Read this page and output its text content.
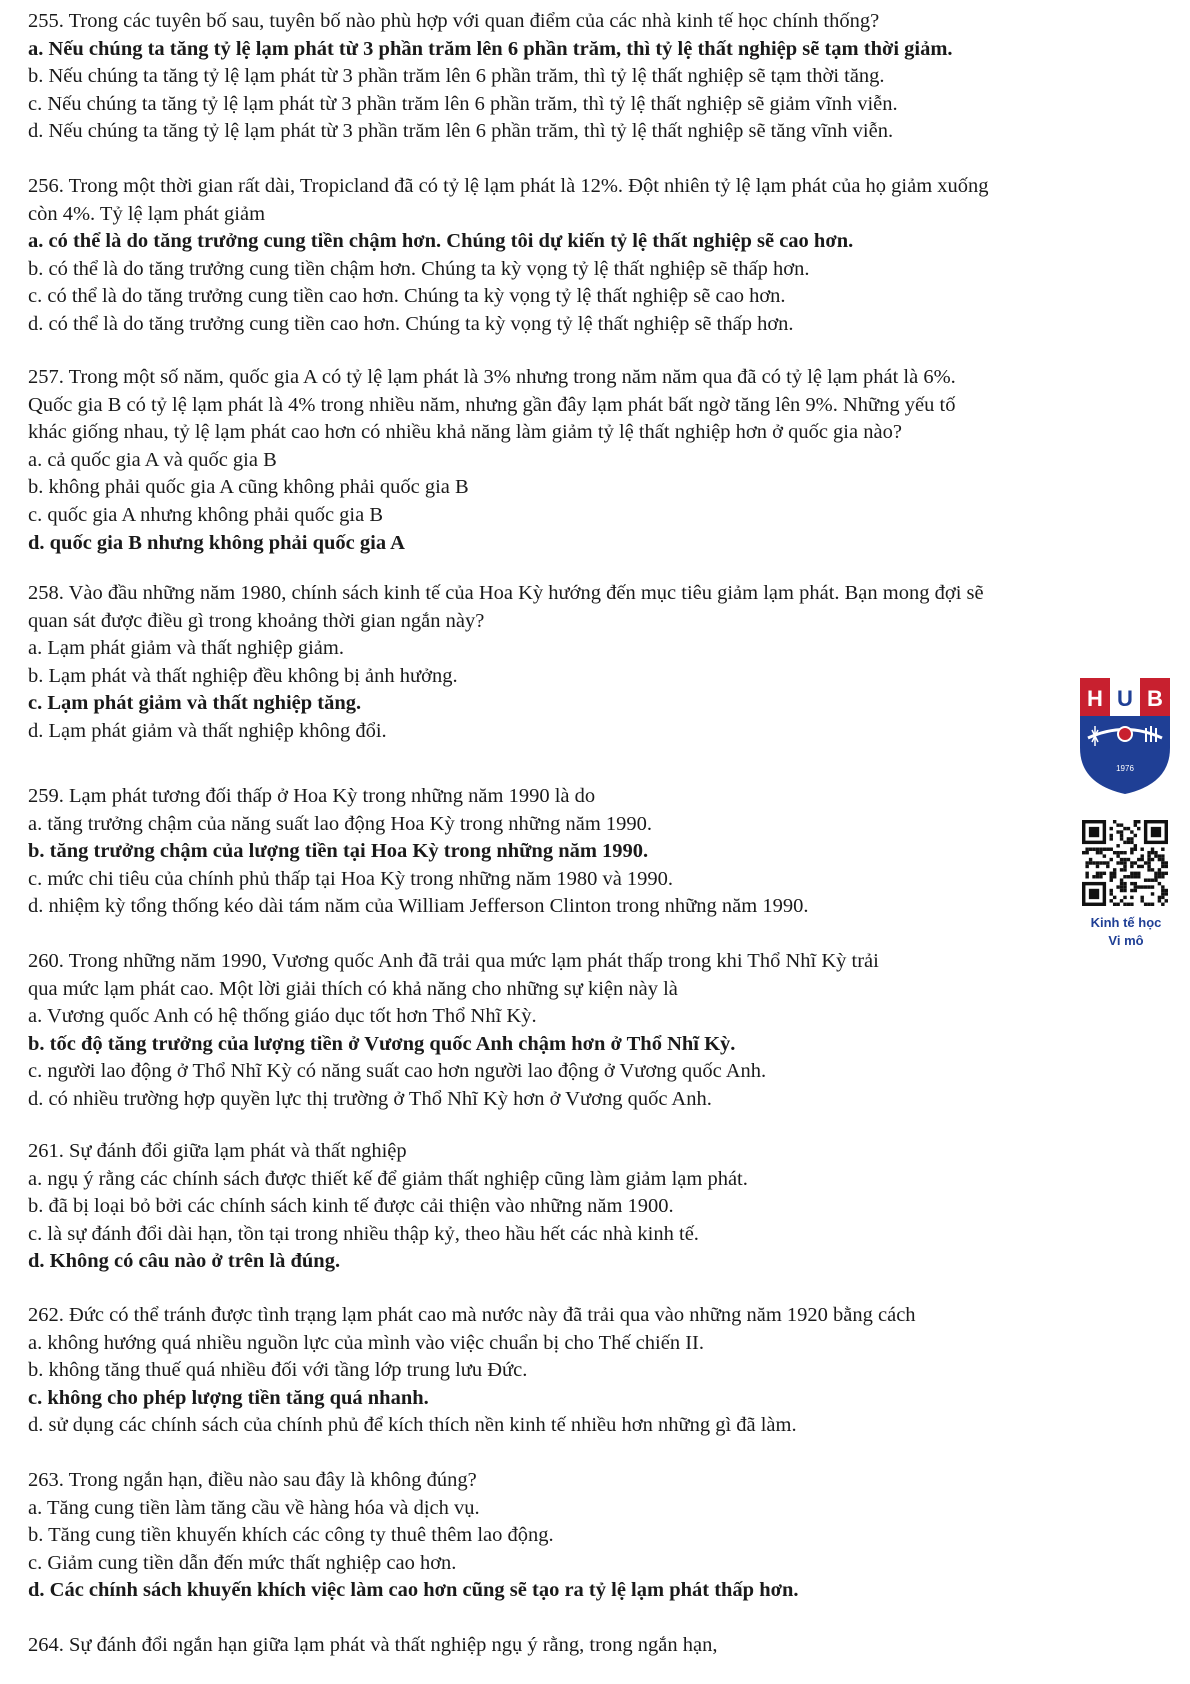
255. Trong các tuyên bố sau, tuyên bố nào phù hợp với quan điểm của các nhà kinh tế học chính thống?
a. Nếu chúng ta tăng tỷ lệ lạm phát từ 3 phần trăm lên 6 phần trăm, thì tỷ lệ thất nghiệp sẽ tạm thời giảm.
b. Nếu chúng ta tăng tỷ lệ lạm phát từ 3 phần trăm lên 6 phần trăm, thì tỷ lệ thất nghiệp sẽ tạm thời tăng.
c. Nếu chúng ta tăng tỷ lệ lạm phát từ 3 phần trăm lên 6 phần trăm, thì tỷ lệ thất nghiệp sẽ giảm vĩnh viễn.
d. Nếu chúng ta tăng tỷ lệ lạm phát từ 3 phần trăm lên 6 phần trăm, thì tỷ lệ thất nghiệp sẽ tăng vĩnh viễn.
256. Trong một thời gian rất dài, Tropicland đã có tỷ lệ lạm phát là 12%. Đột nhiên tỷ lệ lạm phát của họ giảm xuống
còn 4%. Tỷ lệ lạm phát giảm
a. có thể là do tăng trưởng cung tiền chậm hơn. Chúng tôi dự kiến tỷ lệ thất nghiệp sẽ cao hơn.
b. có thể là do tăng trưởng cung tiền chậm hơn. Chúng ta kỳ vọng tỷ lệ thất nghiệp sẽ thấp hơn.
c. có thể là do tăng trưởng cung tiền cao hơn. Chúng ta kỳ vọng tỷ lệ thất nghiệp sẽ cao hơn.
d. có thể là do tăng trưởng cung tiền cao hơn. Chúng ta kỳ vọng tỷ lệ thất nghiệp sẽ thấp hơn.
257. Trong một số năm, quốc gia A có tỷ lệ lạm phát là 3% nhưng trong năm năm qua đã có tỷ lệ lạm phát là 6%.
Quốc gia B có tỷ lệ lạm phát là 4% trong nhiều năm, nhưng gần đây lạm phát bất ngờ tăng lên 9%. Những yếu tố
khác giống nhau, tỷ lệ lạm phát cao hơn có nhiều khả năng làm giảm tỷ lệ thất nghiệp hơn ở quốc gia nào?
a. cả quốc gia A và quốc gia B
b. không phải quốc gia A cũng không phải quốc gia B
c. quốc gia A nhưng không phải quốc gia B
d. quốc gia B nhưng không phải quốc gia A
258. Vào đầu những năm 1980, chính sách kinh tế của Hoa Kỳ hướng đến mục tiêu giảm lạm phát. Bạn mong đợi sẽ
quan sát được điều gì trong khoảng thời gian ngắn này?
a. Lạm phát giảm và thất nghiệp giảm.
b. Lạm phát và thất nghiệp đều không bị ảnh hưởng.
c. Lạm phát giảm và thất nghiệp tăng.
d. Lạm phát giảm và thất nghiệp không đổi.
259. Lạm phát tương đối thấp ở Hoa Kỳ trong những năm 1990 là do
a. tăng trưởng chậm của năng suất lao động Hoa Kỳ trong những năm 1990.
b. tăng trưởng chậm của lượng tiền tại Hoa Kỳ trong những năm 1990.
c. mức chi tiêu của chính phủ thấp tại Hoa Kỳ trong những năm 1980 và 1990.
d. nhiệm kỳ tổng thống kéo dài tám năm của William Jefferson Clinton trong những năm 1990.
260. Trong những năm 1990, Vương quốc Anh đã trải qua mức lạm phát thấp trong khi Thổ Nhĩ Kỳ trải
qua mức lạm phát cao. Một lời giải thích có khả năng cho những sự kiện này là
a. Vương quốc Anh có hệ thống giáo dục tốt hơn Thổ Nhĩ Kỳ.
b. tốc độ tăng trưởng của lượng tiền ở Vương quốc Anh chậm hơn ở Thổ Nhĩ Kỳ.
c. người lao động ở Thổ Nhĩ Kỳ có năng suất cao hơn người lao động ở Vương quốc Anh.
d. có nhiều trường hợp quyền lực thị trường ở Thổ Nhĩ Kỳ hơn ở Vương quốc Anh.
261. Sự đánh đổi giữa lạm phát và thất nghiệp
a. ngụ ý rằng các chính sách được thiết kế để giảm thất nghiệp cũng làm giảm lạm phát.
b. đã bị loại bỏ bởi các chính sách kinh tế được cải thiện vào những năm 1900.
c. là sự đánh đổi dài hạn, tồn tại trong nhiều thập kỷ, theo hầu hết các nhà kinh tế.
d. Không có câu nào ở trên là đúng.
262. Đức có thể tránh được tình trạng lạm phát cao mà nước này đã trải qua vào những năm 1920 bằng cách
a. không hướng quá nhiều nguồn lực của mình vào việc chuẩn bị cho Thế chiến II.
b. không tăng thuế quá nhiều đối với tầng lớp trung lưu Đức.
c. không cho phép lượng tiền tăng quá nhanh.
d. sử dụng các chính sách của chính phủ để kích thích nền kinh tế nhiều hơn những gì đã làm.
263. Trong ngắn hạn, điều nào sau đây là không đúng?
a. Tăng cung tiền làm tăng cầu về hàng hóa và dịch vụ.
b. Tăng cung tiền khuyến khích các công ty thuê thêm lao động.
c. Giảm cung tiền dẫn đến mức thất nghiệp cao hơn.
d. Các chính sách khuyến khích việc làm cao hơn cũng sẽ tạo ra tỷ lệ lạm phát thấp hơn.
264. Sự đánh đổi ngắn hạn giữa lạm phát và thất nghiệp ngụ ý rằng, trong ngắn hạn,
H U B
1976
Kinh tế học
Vi mô
